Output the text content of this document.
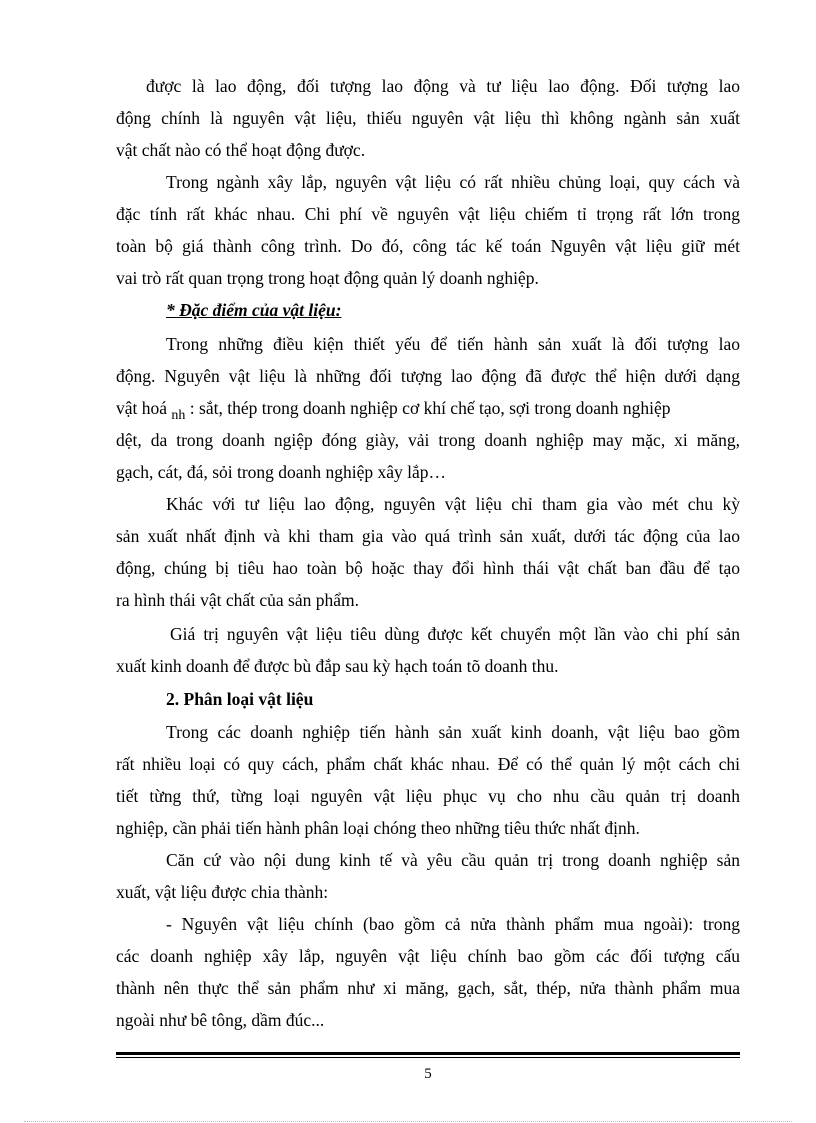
được là lao động, đối tượng lao động và tư liệu lao động. Đối tượng lao
động chính là nguyên vật liệu, thiếu nguyên vật liệu thì không ngành sản xuất
vật chất nào có thể hoạt động được.
Trong ngành xây lắp, nguyên vật liệu có rất nhiều chủng loại, quy cách và
đặc tính rất khác nhau. Chi phí về nguyên vật liệu chiếm tỉ trọng rất lớn trong
toàn bộ giá thành công trình. Do đó, công tác kế toán Nguyên vật liệu giữ mét
vai trò rất quan trọng trong hoạt động quản lý doanh nghiệp.
* Đặc điểm của vật liệu:
Trong những điều kiện thiết yếu để tiến hành sản xuất là đối tượng lao
động. Nguyên vật liệu là những đối tượng lao động đã được thể hiện dưới dạng
vật hoá $_{nh}$ : sắt, thép trong doanh nghiệp cơ khí chế tạo, sợi trong doanh nghiệp
dệt, da trong doanh ngiệp đóng giày, vải trong doanh nghiệp may mặc, xi măng,
gạch, cát, đá, sỏi trong doanh nghiệp xây lắp…
Khác với tư liệu lao động, nguyên vật liệu chỉ tham gia vào mét chu kỳ
sản xuất nhất định và khi tham gia vào quá trình sản xuất, dưới tác động của lao
động, chúng bị tiêu hao toàn bộ hoặc thay đổi hình thái vật chất ban đầu để tạo
ra hình thái vật chất của sản phẩm.
Giá trị nguyên vật liệu tiêu dùng được kết chuyển một lần vào chi phí sản
xuất kinh doanh để được bù đắp sau kỳ hạch toán tõ doanh thu.
2. Phân loại vật liệu
Trong các doanh nghiệp tiến hành sản xuất kinh doanh, vật liệu bao gồm
rất nhiều loại có quy cách, phẩm chất khác nhau. Để có thể quản lý một cách chi
tiết từng thứ, từng loại nguyên vật liệu phục vụ cho nhu cầu quản trị doanh
nghiệp, cần phải tiến hành phân loại chóng theo những tiêu thức nhất định.
Căn cứ vào nội dung kinh tế và yêu cầu quản trị trong doanh nghiệp sản
xuất, vật liệu được chia thành:
- Nguyên vật liệu chính (bao gồm cả nửa thành phẩm mua ngoài): trong
các doanh nghiệp xây lắp, nguyên vật liệu chính bao gồm các đối tượng cấu
thành nên thực thể sản phẩm như xi măng, gạch, sắt, thép, nửa thành phẩm mua
ngoài như bê tông, dầm đúc...
5
